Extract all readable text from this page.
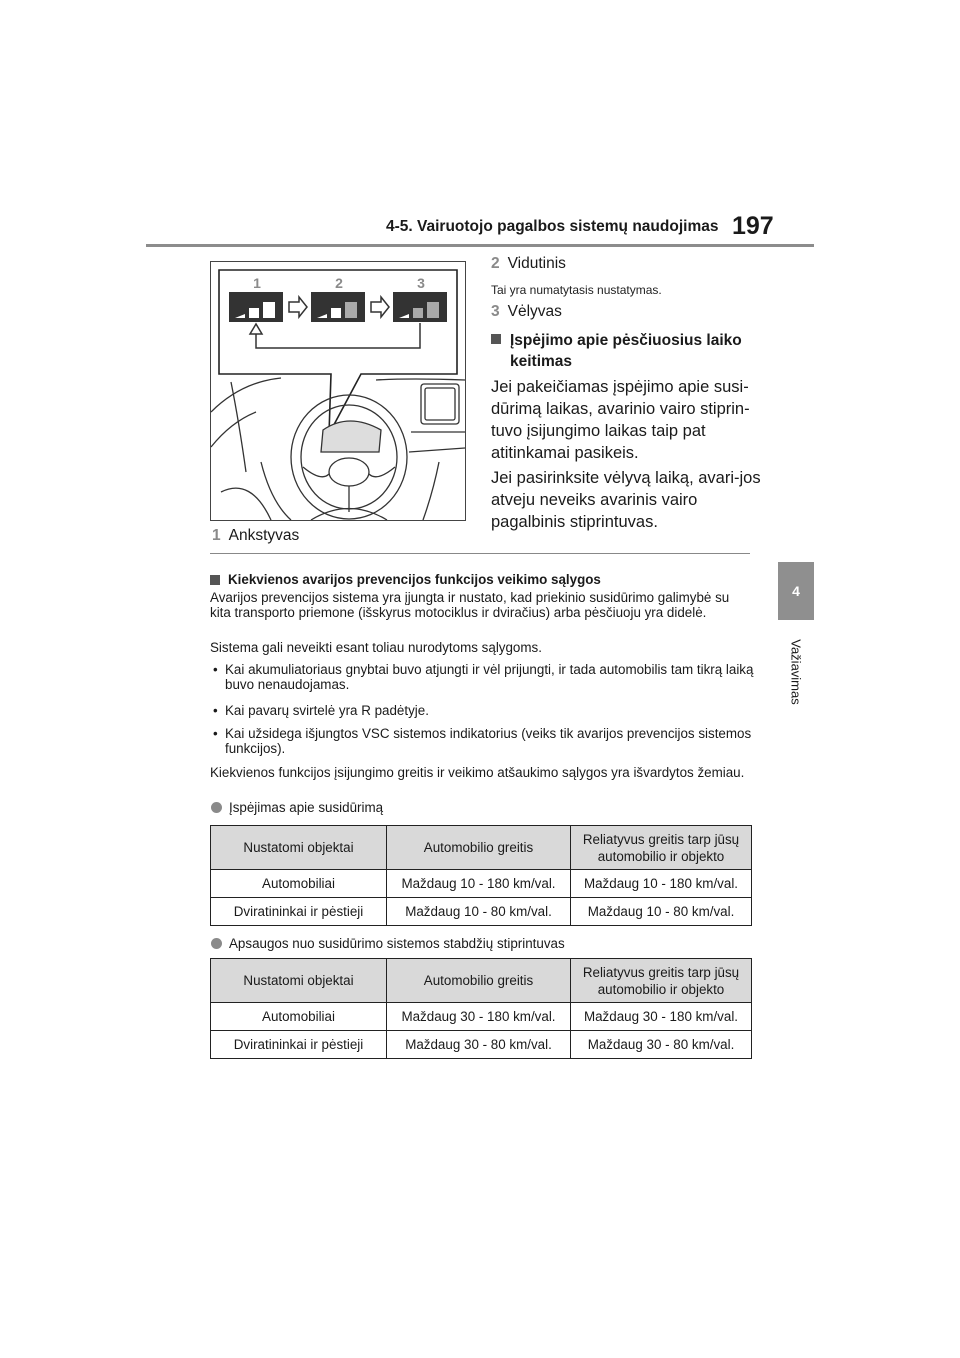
4-5. Vairuotojo pagalbos sistemų naudojimas 197
4
Važiavimas
1	2	3
1 Ankstyvas
2 Vidutinis
Tai yra numatytasis nustatymas.
3 Vėlyvas
Įspėjimo apie pėsčiuosius laiko keitimas
Jei pakeičiamas įspėjimo apie susi-dūrimą laikas, avarinio vairo stiprin-tuvo įsijungimo laikas taip pat atitinkamai pasikeis.
Jei pasirinksite vėlyvą laiką, avari-jos atveju neveiks avarinis vairo pagalbinis stiprintuvas.
Kiekvienos avarijos prevencijos funkcijos veikimo sąlygos
Avarijos prevencijos sistema yra įjungta ir nustato, kad priekinio susidūrimo galimybė su kita transporto priemone (išskyrus motociklus ir dviračius) arba pėsčiuoju yra didelė.
Sistema gali neveikti esant toliau nurodytoms sąlygoms.
• Kai akumuliatoriaus gnybtai buvo atjungti ir vėl prijungti, ir tada automobilis tam tikrą laiką buvo nenaudojamas.
• Kai pavarų svirtelė yra R padėtyje.
• Kai užsidega išjungtos VSC sistemos indikatorius (veiks tik avarijos prevencijos sistemos funkcijos).
Kiekvienos funkcijos įsijungimo greitis ir veikimo atšaukimo sąlygos yra išvardytos žemiau.
Įspėjimas apie susidūrimą
Nustatomi objektai	Automobilio greitis	Reliatyvus greitis tarp jūsų automobilio ir objekto
Automobiliai	Maždaug 10 - 180 km/val.	Maždaug 10 - 180 km/val.
Dviratininkai ir pėstieji	Maždaug 10 - 80 km/val.	Maždaug 10 - 80 km/val.
Apsaugos nuo susidūrimo sistemos stabdžių stiprintuvas
Nustatomi objektai	Automobilio greitis	Reliatyvus greitis tarp jūsų automobilio ir objekto
Automobiliai	Maždaug 30 - 180 km/val.	Maždaug 30 - 180 km/val.
Dviratininkai ir pėstieji	Maždaug 30 - 80 km/val.	Maždaug 30 - 80 km/val.
